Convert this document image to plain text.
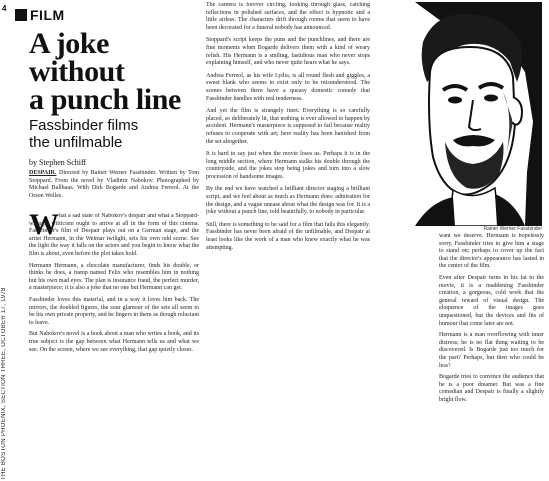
THE BOSTON PHOENIX, SECTION THREE, OCTOBER 17, 1978
4 FILM
A joke
without
a punch line
Fassbinder films
the unfilmable
by Stephen Schiff
DESPAIR. Directed by Rainer Werner Fassbinder. Written by Tom Stoppard. From the novel by Vladimir Nabokov. Photographed by Michael Ballhaus. With Dirk Bogarde and Andrea Ferreol. At the Orson Welles.
W hat a sad state of Nabokov's despair and what a Stoppard-wrought witticism ought to arrive at all in the form of this cinema. Fassbinder's film of Despair plays out on a German stage, and the artist Hermann, in the Weimar twilight, sets his own odd scene. See the light the way it falls on the actors and you begin to know what the film is about, even before the plot takes hold.

Hermann Hermann, a chocolate manufacturer, finds his double, or thinks he does, a tramp named Felix who resembles him in nothing but his own mad eyes. The plan is insurance fraud, the perfect murder, a masterpiece; it is also a joke that no one but Hermann can get.

Fassbinder loves this material, and in a way it loves him back. The mirrors, the doubled figures, the sour glamour of the sets all seem to be his own private property, and he lingers in them as though reluctant to leave.

But Nabokov's novel is a book about a man who writes a book, and its true subject is the gap between what Hermann tells us and what we see. On the screen, where we see everything, that gap quietly closes.

The camera is forever circling, looking through glass, catching reflections in polished surfaces, and the effect is hypnotic and a little airless. The characters drift through rooms that seem to have been decorated for a funeral nobody has announced.

Stoppard's script keeps the puns and the punchlines, and there are fine moments when Bogarde delivers them with a kind of weary relish. His Hermann is a smiling, fastidious man who never stops explaining himself, and who never quite hears what he says.

Andrea Ferreol, as his wife Lydia, is all round flesh and giggles, a sweet blank who seems to exist only to be misunderstood. The scenes between them have a queasy domestic comedy that Fassbinder handles with real tenderness.

And yet the film is strangely inert. Everything is so carefully placed, so deliberately lit, that nothing is ever allowed to happen by accident. Hermann's masterpiece is supposed to fail because reality refuses to cooperate with art; here reality has been banished from the set altogether.

It is hard to say just when the movie loses us. Perhaps it is in the long middle section, where Hermann stalks his double through the countryside, and the jokes stop being jokes and turn into a slow procession of handsome images.

By the end we have watched a brilliant director staging a brilliant script, and we feel about as much as Hermann does: admiration for the design, and a vague unease about what the design was for. It is a joke without a punch line, told beautifully, to nobody in particular.

Still, there is something to be said for a film that fails this elegantly. Fassbinder has never been afraid of the unfilmable, and Despair at least looks like the work of a man who knew exactly what he was attempting.

Rainer Werner Fassbinder

want we deserve. Hermann is hopelessly sorry, Fassbinder tries to give him a stage to stand on; perhaps to cover up the fact that the director's appearance has lasted in the center of the film.

Even after Despair turns in his fat to the movie, it is a maddening Fassbinder creation, a gorgeous, cold work that the general reward of visual design. The eloquence of the images goes unquestioned, but the devices and fits of humour that come later are not.

Hermann is a man overflowing with inner distress; he is no flat thing waiting to be discovered. Is Bogarde just too much for the part? Perhaps, but then who could be less?

Bogarde tries to convince the audience that he is a poor dreamer. But was a fine comedian and Despair is finally a slightly bright flow.
